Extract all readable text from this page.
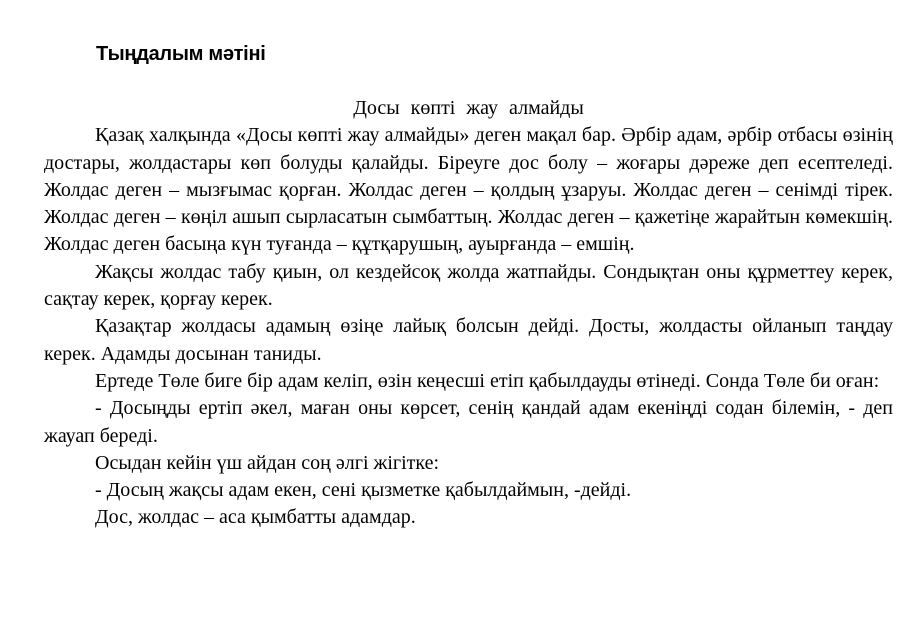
Тыңдалым мәтіні

Досы көпті жау алмайды

Қазақ халқында «Досы көпті жау алмайды» деген мақал бар. Әрбір адам, әрбір отбасы өзінің достары, жолдастары көп болуды қалайды. Біреуге дос болу – жоғары дәреже деп есептеледі. Жолдас деген – мызғымас қорған. Жолдас деген – қолдың ұзаруы. Жолдас деген – сенімді тірек. Жолдас деген – көңіл ашып сырласатын сымбаттың. Жолдас деген – қажетіңе жарайтын көмекшің. Жолдас деген басыңа күн туғанда – құтқарушың, ауырғанда – емшің.

Жақсы жолдас табу қиын, ол кездейсоқ жолда жатпайды. Сондықтан оны құрметтеу керек, сақтау керек, қорғау керек.

Қазақтар жолдасы адамың өзіңе лайық болсын дейді. Досты, жолдасты ойланып таңдау керек. Адамды досынан таниды.

Ертеде Төле биге бір адам келіп, өзін кеңесші етіп қабылдауды өтінеді. Сонда Төле би оған:

- Досыңды ертіп әкел, маған оны көрсет, сенің қандай адам екеніңді содан білемін, - деп жауап береді.

Осыдан кейін үш айдан соң әлгі жігітке:

- Досың жақсы адам екен, сені қызметке қабылдаймын, -дейді.

Дос, жолдас – аса қымбатты адамдар.
